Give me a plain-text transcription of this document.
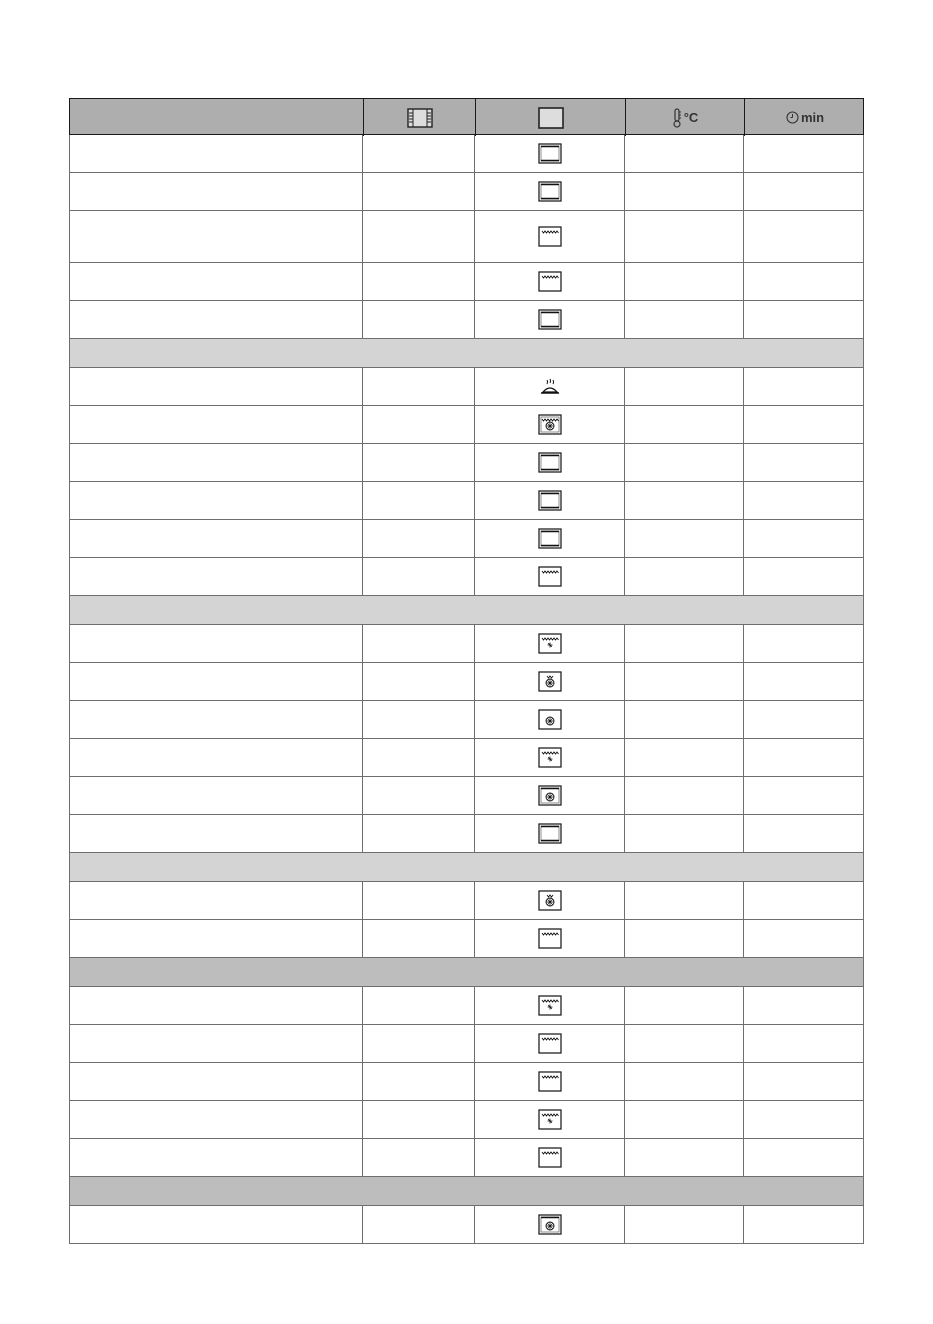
°C	min
